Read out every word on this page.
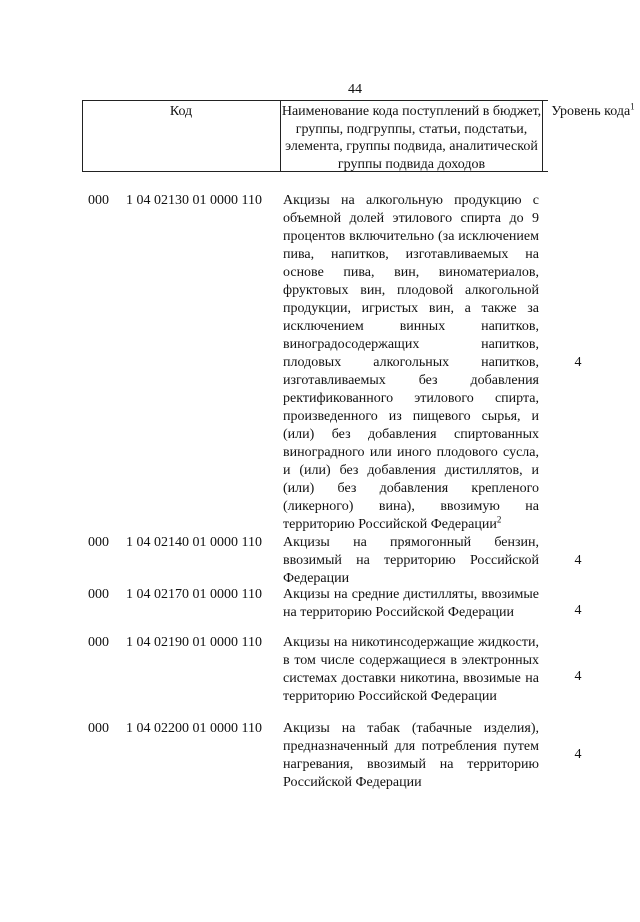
44
Код	Наименование кода поступлений в бюджет, группы, подгруппы, статьи, подстатьи, элемента, группы подвида, аналитической группы подвида доходов
Уровень кода$^1$
000 1 04 02130 01 0000 110 Акцизы на алкогольную продукцию с объемной долей этилового спирта до 9 процентов включительно (за исключением пива, напитков, изготавливаемых на основе пива, вин, виноматериалов, фруктовых вин, плодовой алкогольной продукции, игристых вин, а также за исключением винных напитков, виноградосодержащих напитков, плодовых алкогольных напитков, изготавливаемых без добавления ректификованного этилового спирта, произведенного из пищевого сырья, и (или) без добавления спиртованных виноградного или иного плодового сусла, и (или) без добавления дистиллятов, и (или) без добавления крепленого (ликерного) вина), ввозимую на территорию Российской Федерации$^2$
4
000 1 04 02140 01 0000 110 Акцизы на прямогонный бензин, ввозимый на территорию Российской Федерации
4
000 1 04 02170 01 0000 110 Акцизы на средние дистилляты, ввозимые на территорию Российской Федерации	4
000 1 04 02190 01 0000 110 Акцизы на никотинсодержащие жидкости, в том числе содержащиеся в электронных системах доставки никотина, ввозимые на территорию Российской Федерации
4
000 1 04 02200 01 0000 110 Акцизы на табак (табачные изделия), предназначенный для потребления путем нагревания, ввозимый на территорию Российской Федерации
4
